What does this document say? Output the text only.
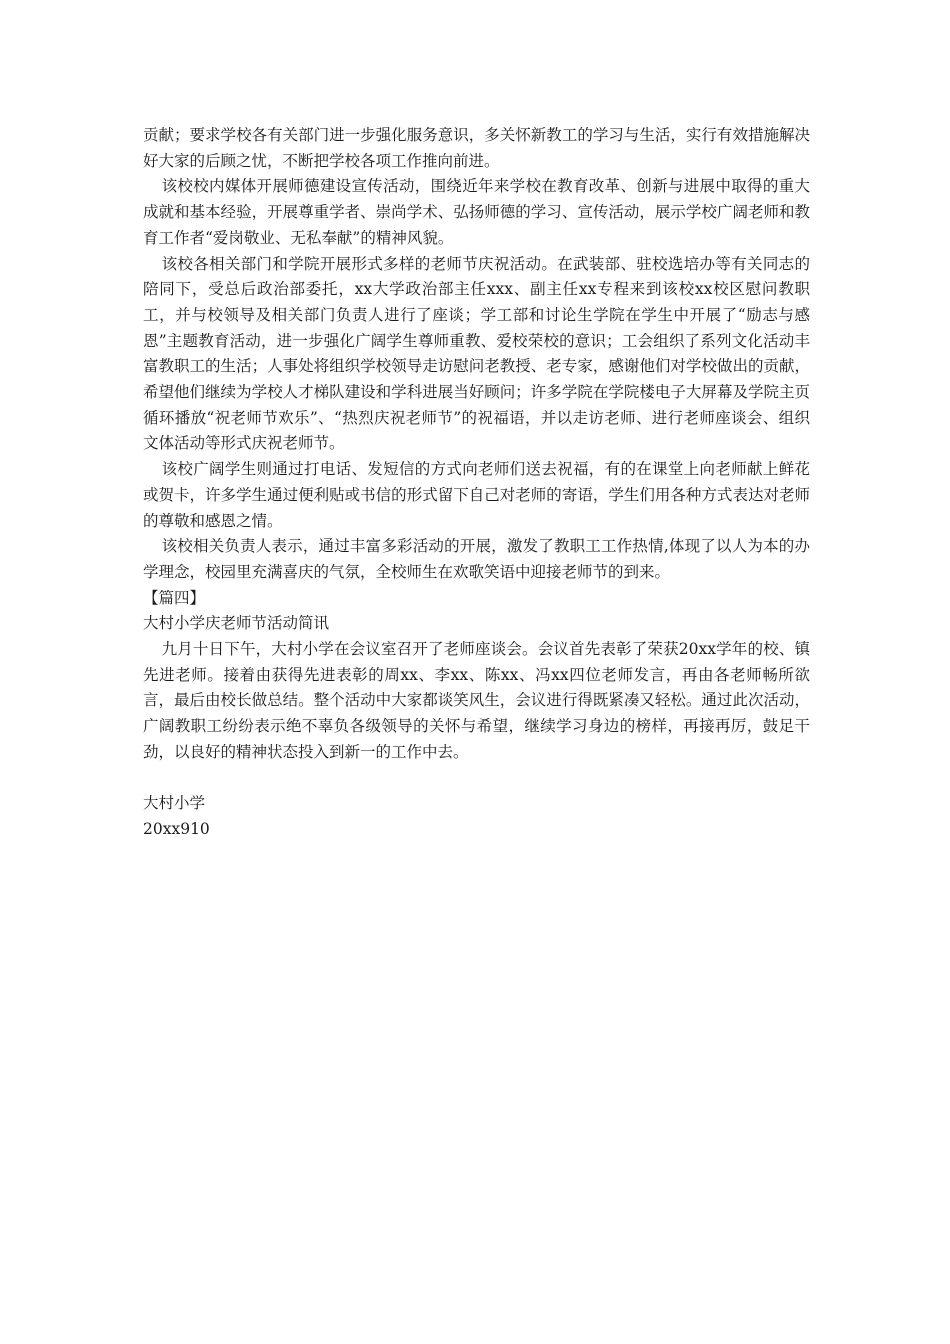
贡献；要求学校各有关部门进一步强化服务意识，多关怀新教工的学习与生活，实行有效措施解决好大家的后顾之忧，不断把学校各项工作推向前进。

该校校内媒体开展师德建设宣传活动，围绕近年来学校在教育改革、创新与进展中取得的重大成就和基本经验，开展尊重学者、崇尚学术、弘扬师德的学习、宣传活动，展示学校广阔老师和教育工作者“爱岗敬业、无私奉献”的精神风貌。

该校各相关部门和学院开展形式多样的老师节庆祝活动。在武装部、驻校选培办等有关同志的陪同下，受总后政治部委托，xx大学政治部主任xxx、副主任xx专程来到该校xx校区慰问教职工，并与校领导及相关部门负责人进行了座谈；学工部和讨论生学院在学生中开展了“励志与感恩”主题教育活动，进一步强化广阔学生尊师重教、爱校荣校的意识；工会组织了系列文化活动丰富教职工的生活；人事处将组织学校领导走访慰问老教授、老专家，感谢他们对学校做出的贡献，希望他们继续为学校人才梯队建设和学科进展当好顾问；许多学院在学院楼电子大屏幕及学院主页循环播放“祝老师节欢乐”、“热烈庆祝老师节”的祝福语，并以走访老师、进行老师座谈会、组织文体活动等形式庆祝老师节。

该校广阔学生则通过打电话、发短信的方式向老师们送去祝福，有的在课堂上向老师献上鲜花或贺卡，许多学生通过便利贴或书信的形式留下自己对老师的寄语，学生们用各种方式表达对老师的尊敬和感恩之情。

该校相关负责人表示，通过丰富多彩活动的开展，激发了教职工工作热情,体现了以人为本的办学理念，校园里充满喜庆的气氛，全校师生在欢歌笑语中迎接老师节的到来。

【篇四】

大村小学庆老师节活动简讯

九月十日下午，大村小学在会议室召开了老师座谈会。会议首先表彰了荣获20xx学年的校、镇先进老师。接着由获得先进表彰的周xx、李xx、陈xx、冯xx四位老师发言，再由各老师畅所欲言，最后由校长做总结。整个活动中大家都谈笑风生，会议进行得既紧凑又轻松。通过此次活动，广阔教职工纷纷表示绝不辜负各级领导的关怀与希望，继续学习身边的榜样，再接再厉，鼓足干劲，以良好的精神状态投入到新一的工作中去。

大村小学

20xx910
